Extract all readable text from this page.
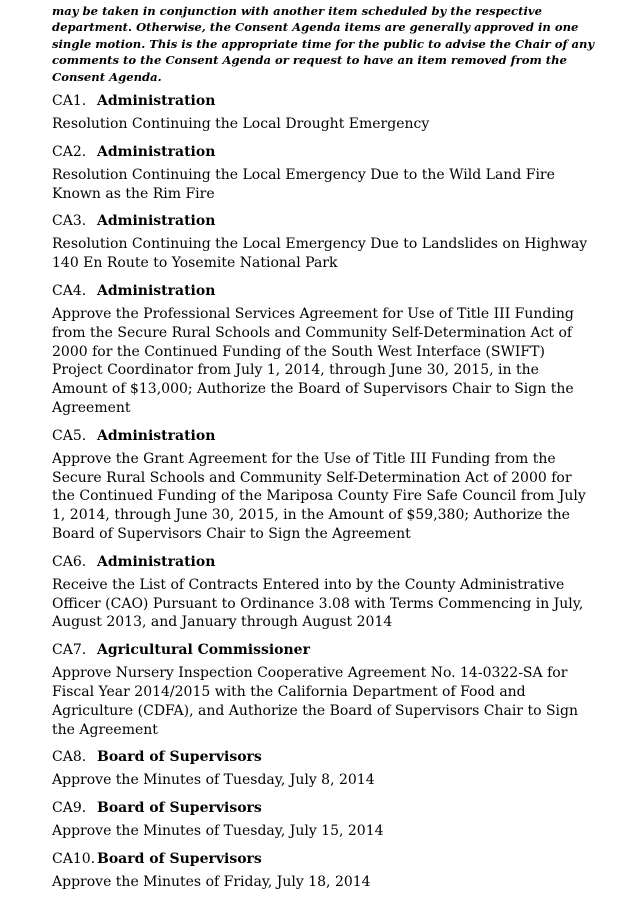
may be taken in conjunction with another item scheduled by the respective department. Otherwise, the Consent Agenda items are generally approved in one single motion. This is the appropriate time for the public to advise the Chair of any comments to the Consent Agenda or request to have an item removed from the Consent Agenda.

CA1. Administration
Resolution Continuing the Local Drought Emergency
CA2. Administration
Resolution Continuing the Local Emergency Due to the Wild Land Fire Known as the Rim Fire
CA3. Administration
Resolution Continuing the Local Emergency Due to Landslides on Highway 140 En Route to Yosemite National Park
CA4. Administration
Approve the Professional Services Agreement for Use of Title III Funding from the Secure Rural Schools and Community Self-Determination Act of 2000 for the Continued Funding of the South West Interface (SWIFT) Project Coordinator from July 1, 2014, through June 30, 2015, in the Amount of $13,000; Authorize the Board of Supervisors Chair to Sign the Agreement
CA5. Administration
Approve the Grant Agreement for the Use of Title III Funding from the Secure Rural Schools and Community Self-Determination Act of 2000 for the Continued Funding of the Mariposa County Fire Safe Council from July 1, 2014, through June 30, 2015, in the Amount of $59,380; Authorize the Board of Supervisors Chair to Sign the Agreement
CA6. Administration
Receive the List of Contracts Entered into by the County Administrative Officer (CAO) Pursuant to Ordinance 3.08 with Terms Commencing in July, August 2013, and January through August 2014
CA7. Agricultural Commissioner
Approve Nursery Inspection Cooperative Agreement No. 14-0322-SA for Fiscal Year 2014/2015 with the California Department of Food and Agriculture (CDFA), and Authorize the Board of Supervisors Chair to Sign the Agreement
CA8. Board of Supervisors
Approve the Minutes of Tuesday, July 8, 2014
CA9. Board of Supervisors
Approve the Minutes of Tuesday, July 15, 2014
CA10. Board of Supervisors
Approve the Minutes of Friday, July 18, 2014
